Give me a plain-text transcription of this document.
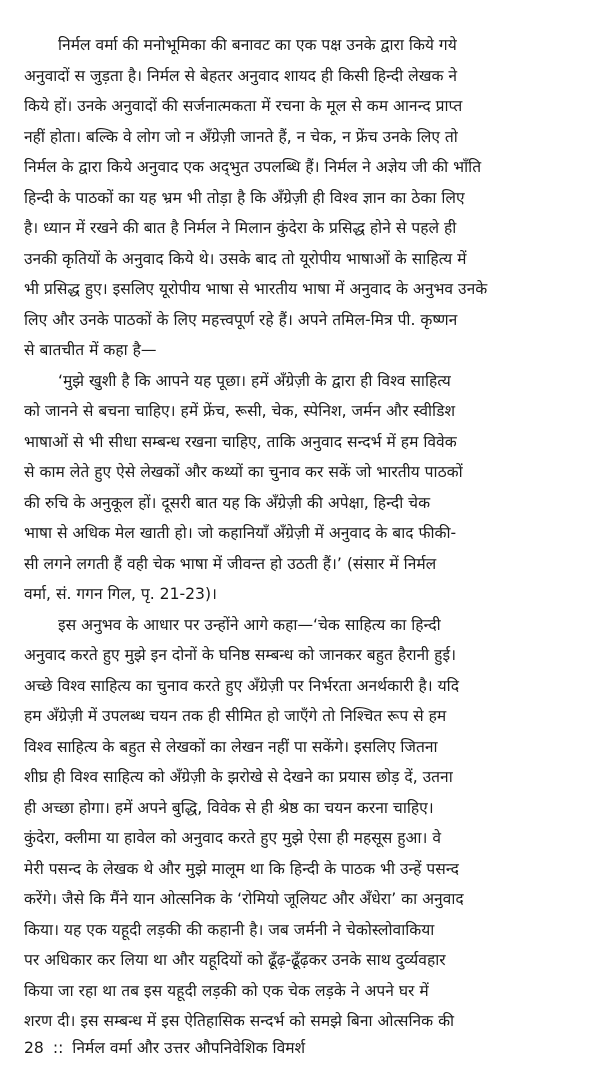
निर्मल वर्मा की मनोभूमिका की बनावट का एक पक्ष उनके द्वारा किये गये
अनुवादों स जुड़ता है। निर्मल से बेहतर अनुवाद शायद ही किसी हिन्दी लेखक ने
किये हों। उनके अनुवादों की सर्जनात्मकता में रचना के मूल से कम आनन्द प्राप्त
नहीं होता। बल्कि वे लोग जो न अँग्रेज़ी जानते हैं, न चेक, न फ्रेंच उनके लिए तो
निर्मल के द्वारा किये अनुवाद एक अद्‌भुत उपलब्धि हैं। निर्मल ने अज्ञेय जी की भाँति
हिन्दी के पाठकों का यह भ्रम भी तोड़ा है कि अँग्रेज़ी ही विश्व ज्ञान का ठेका लिए
है। ध्यान में रखने की बात है निर्मल ने मिलान कुंदेरा के प्रसिद्ध होने से पहले ही
उनकी कृतियों के अनुवाद किये थे। उसके बाद तो यूरोपीय भाषाओं के साहित्य में
भी प्रसिद्ध हुए। इसलिए यूरोपीय भाषा से भारतीय भाषा में अनुवाद के अनुभव उनके
लिए और उनके पाठकों के लिए महत्त्वपूर्ण रहे हैं। अपने तमिल-मित्र पी. कृष्णन
से बातचीत में कहा है—
‘मुझे खुशी है कि आपने यह पूछा। हमें अँग्रेज़ी के द्वारा ही विश्व साहित्य
को जानने से बचना चाहिए। हमें फ्रेंच, रूसी, चेक, स्पेनिश, जर्मन और स्वीडिश
भाषाओं से भी सीधा सम्बन्ध रखना चाहिए, ताकि अनुवाद सन्दर्भ में हम विवेक
से काम लेते हुए ऐसे लेखकों और कथ्यों का चुनाव कर सकें जो भारतीय पाठकों
की रुचि के अनुकूल हों। दूसरी बात यह कि अँग्रेज़ी की अपेक्षा, हिन्दी चेक
भाषा से अधिक मेल खाती हो। जो कहानियाँ अँग्रेज़ी में अनुवाद के बाद फीकी-
सी लगने लगती हैं वही चेक भाषा में जीवन्त हो उठती हैं।’ (संसार में निर्मल
वर्मा, सं. गगन गिल, पृ. 21-23)।
इस अनुभव के आधार पर उन्होंने आगे कहा—‘चेक साहित्य का हिन्दी
अनुवाद करते हुए मुझे इन दोनों के घनिष्ठ सम्बन्ध को जानकर बहुत हैरानी हुई।
अच्छे विश्व साहित्य का चुनाव करते हुए अँग्रेज़ी पर निर्भरता अनर्थकारी है। यदि
हम अँग्रेज़ी में उपलब्ध चयन तक ही सीमित हो जाएँगे तो निश्चित रूप से हम
विश्व साहित्य के बहुत से लेखकों का लेखन नहीं पा सकेंगे। इसलिए जितना
शीघ्र ही विश्व साहित्य को अँग्रेज़ी के झरोखे से देखने का प्रयास छोड़ दें, उतना
ही अच्छा होगा। हमें अपने बुद्धि, विवेक से ही श्रेष्ठ का चयन करना चाहिए।
कुंदेरा, क्लीमा या हावेल को अनुवाद करते हुए मुझे ऐसा ही महसूस हुआ। वे
मेरी पसन्द के लेखक थे और मुझे मालूम था कि हिन्दी के पाठक भी उन्हें पसन्द
करेंगे। जैसे कि मैंने यान ओत्सनिक के ‘रोमियो जूलियट और अँधेरा’ का अनुवाद
किया। यह एक यहूदी लड़की की कहानी है। जब जर्मनी ने चेकोस्लोवाकिया
पर अधिकार कर लिया था और यहूदियों को ढूँढ़-ढूँढ़कर उनके साथ दुर्व्यवहार
किया जा रहा था तब इस यहूदी लड़की को एक चेक लड़के ने अपने घर में
शरण दी। इस सम्बन्ध में इस ऐतिहासिक सन्दर्भ को समझे बिना ओत्सनिक की
28 :: निर्मल वर्मा और उत्तर औपनिवेशिक विमर्श
